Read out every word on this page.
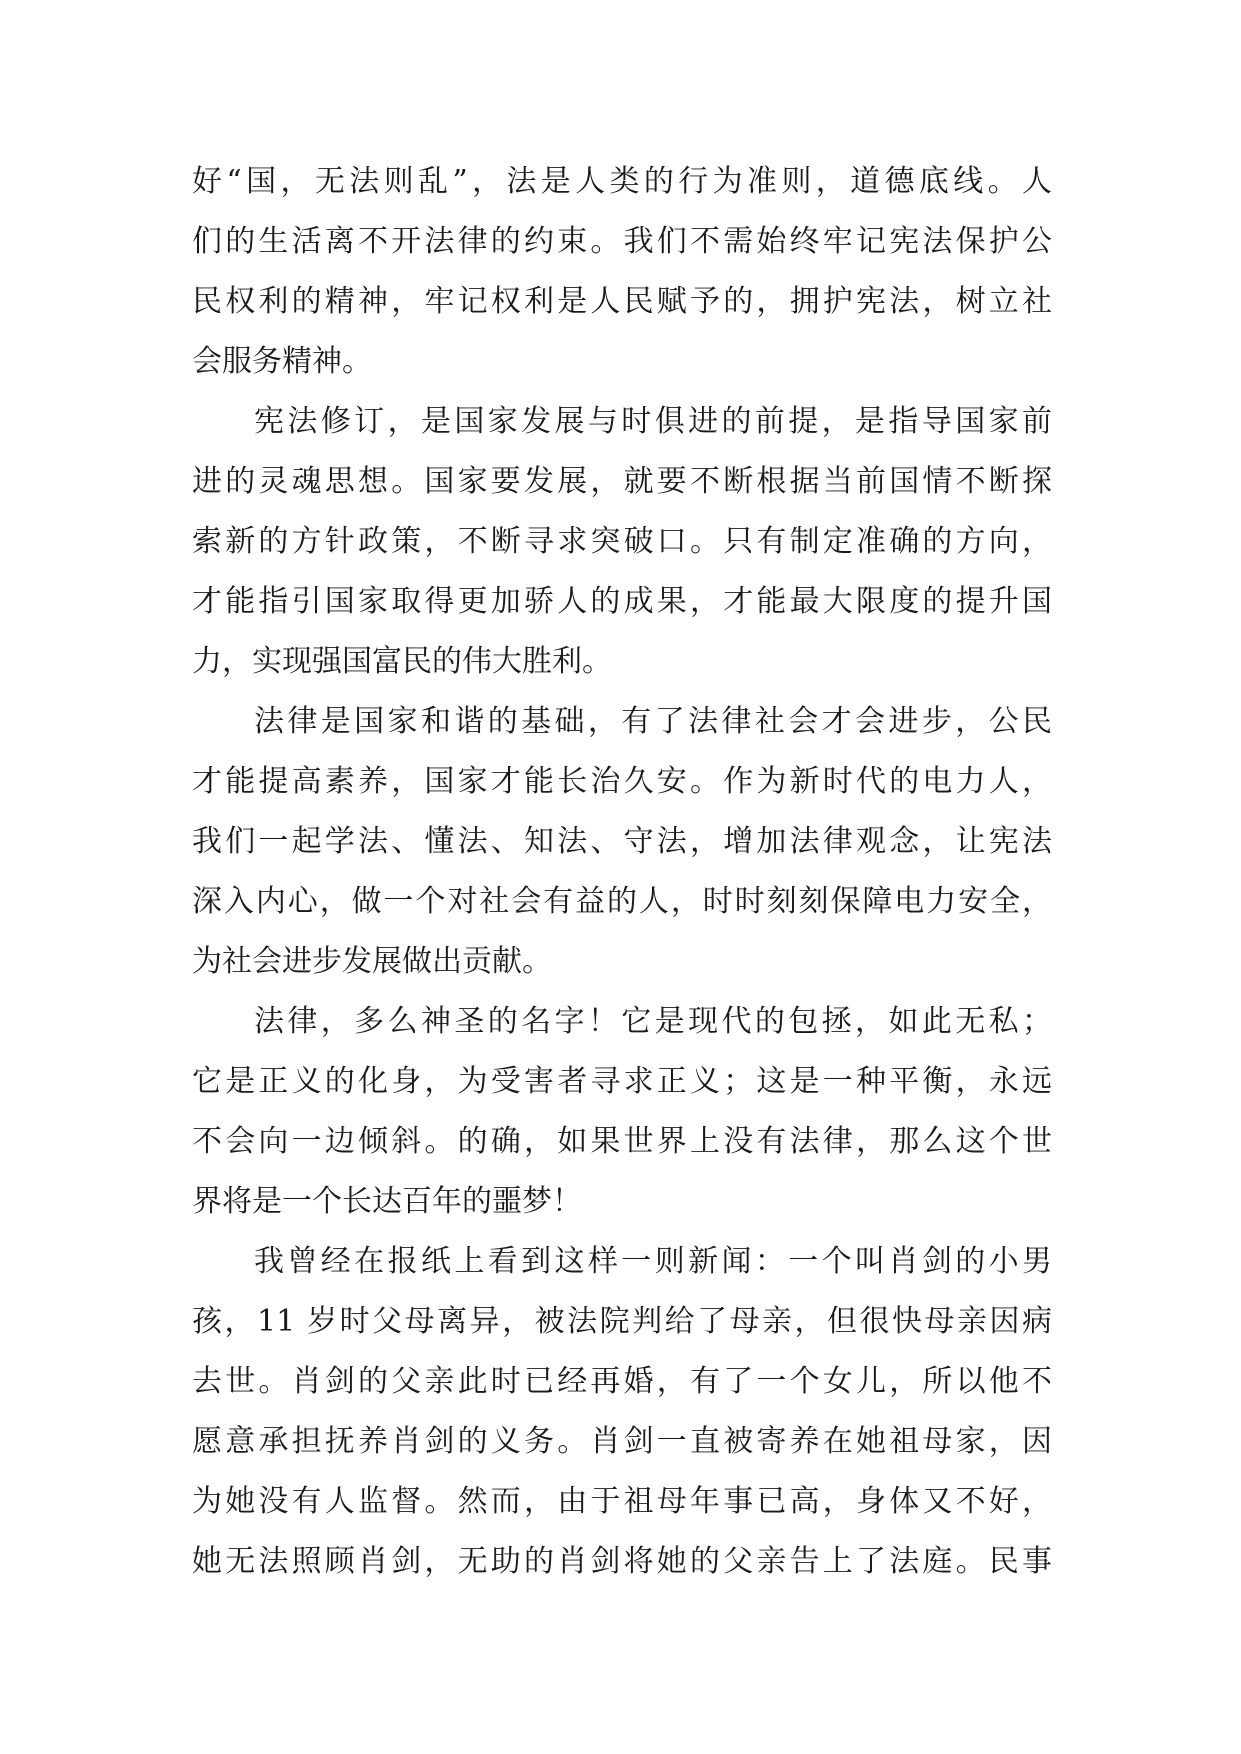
好“国，无法则乱”，法是人类的行为准则，道德底线。人
们的生活离不开法律的约束。我们不需始终牢记宪法保护公
民权利的精神，牢记权利是人民赋予的，拥护宪法，树立社
会服务精神。
宪法修订，是国家发展与时俱进的前提，是指导国家前
进的灵魂思想。国家要发展，就要不断根据当前国情不断探
索新的方针政策，不断寻求突破口。只有制定准确的方向，
才能指引国家取得更加骄人的成果，才能最大限度的提升国
力，实现强国富民的伟大胜利。
法律是国家和谐的基础，有了法律社会才会进步，公民
才能提高素养，国家才能长治久安。作为新时代的电力人，
我们一起学法、懂法、知法、守法，增加法律观念，让宪法
深入内心，做一个对社会有益的人，时时刻刻保障电力安全，
为社会进步发展做出贡献。
法律，多么神圣的名字！它是现代的包拯，如此无私；
它是正义的化身，为受害者寻求正义；这是一种平衡，永远
不会向一边倾斜。的确，如果世界上没有法律，那么这个世
界将是一个长达百年的噩梦！
我曾经在报纸上看到这样一则新闻：一个叫肖剑的小男
孩，11 岁时父母离异，被法院判给了母亲，但很快母亲因病
去世。肖剑的父亲此时已经再婚，有了一个女儿，所以他不
愿意承担抚养肖剑的义务。肖剑一直被寄养在她祖母家，因
为她没有人监督。然而，由于祖母年事已高，身体又不好，
她无法照顾肖剑，无助的肖剑将她的父亲告上了法庭。民事
